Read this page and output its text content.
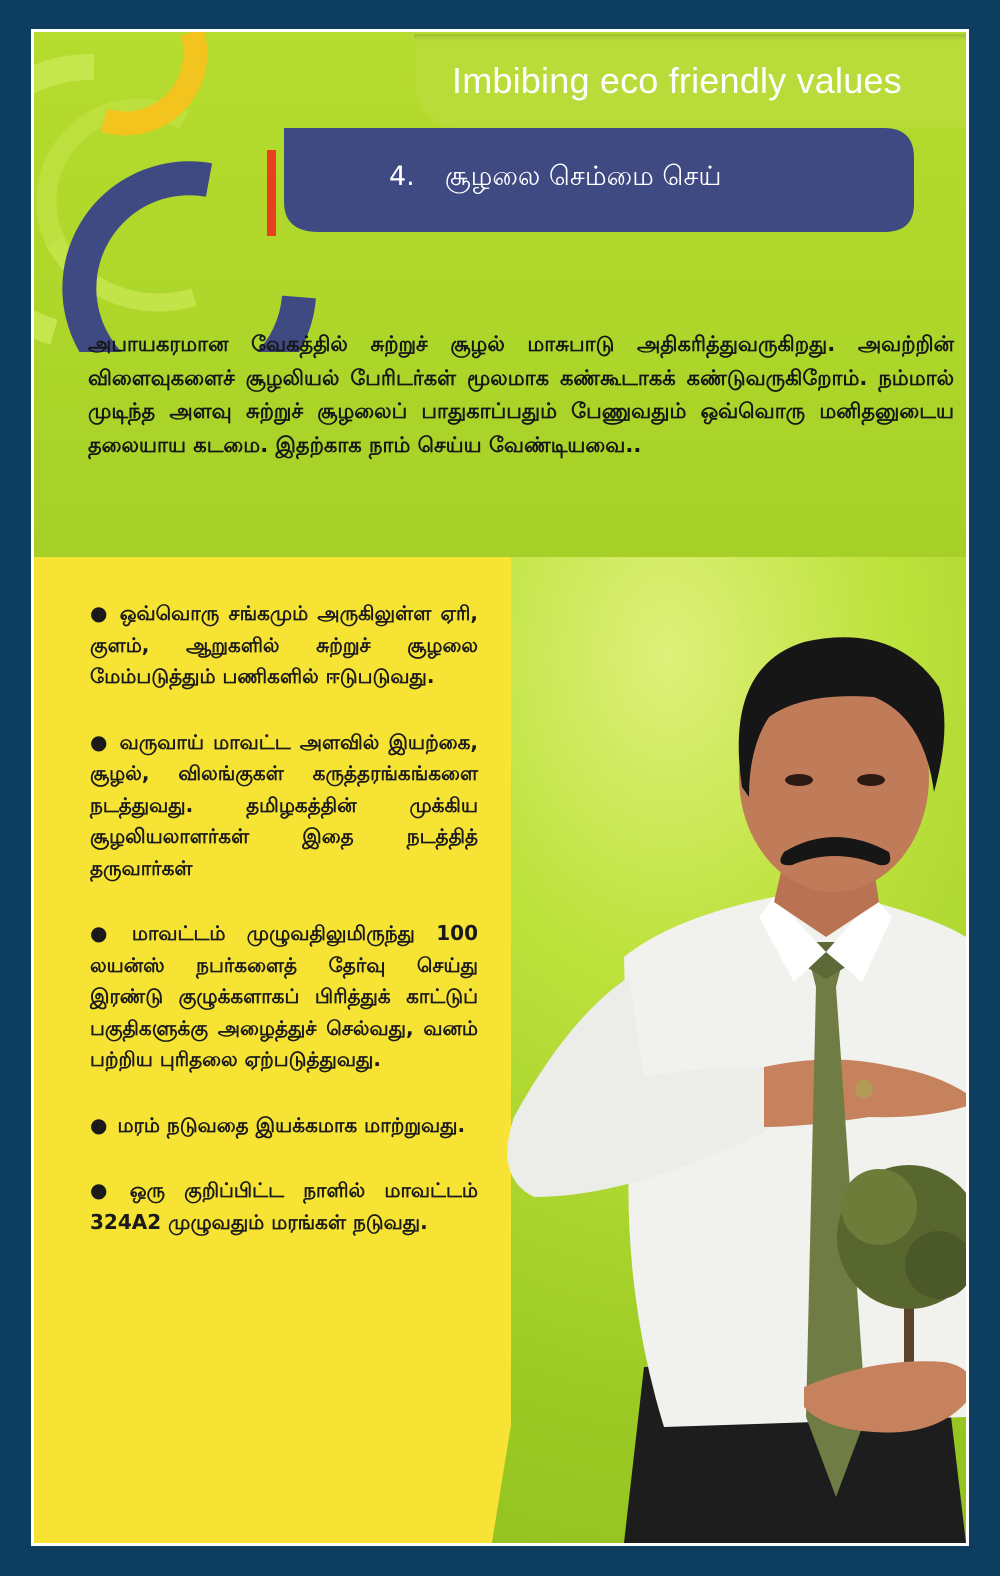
Imbibing eco friendly values
4. சூழலை செம்மை செய்

அபாயகரமான வேகத்தில் சுற்றுச் சூழல் மாசுபாடு அதிகரித்துவருகிறது. அவற்றின் விளைவுகளைச் சூழலியல் பேரிடர்கள் மூலமாக கண்கூடாகக் கண்டுவருகிறோம். நம்மால் முடிந்த அளவு சுற்றுச் சூழலைப் பாதுகாப்பதும் பேணுவதும் ஒவ்வொரு மனிதனுடைய தலையாய கடமை. இதற்காக நாம் செய்ய வேண்டியவை..

● ஒவ்வொரு சங்கமும் அருகிலுள்ள ஏரி, குளம், ஆறுகளில் சுற்றுச் சூழலை மேம்படுத்தும் பணிகளில் ஈடுபடுவது.

● வருவாய் மாவட்ட அளவில் இயற்கை, சூழல், விலங்குகள் கருத்தரங்கங்களை நடத்துவது. தமிழகத்தின் முக்கிய சூழலியலாளர்கள் இதை நடத்தித் தருவார்கள்

● மாவட்டம் முழுவதிலுமிருந்து 100 லயன்ஸ் நபர்களைத் தேர்வு செய்து இரண்டு குழுக்களாகப் பிரித்துக் காட்டுப் பகுதிகளுக்கு அழைத்துச் செல்வது, வனம் பற்றிய புரிதலை ஏற்படுத்துவது.

● மரம் நடுவதை இயக்கமாக மாற்றுவது.

● ஒரு குறிப்பிட்ட நாளில் மாவட்டம் 324A2 முழுவதும் மரங்கள் நடுவது.
